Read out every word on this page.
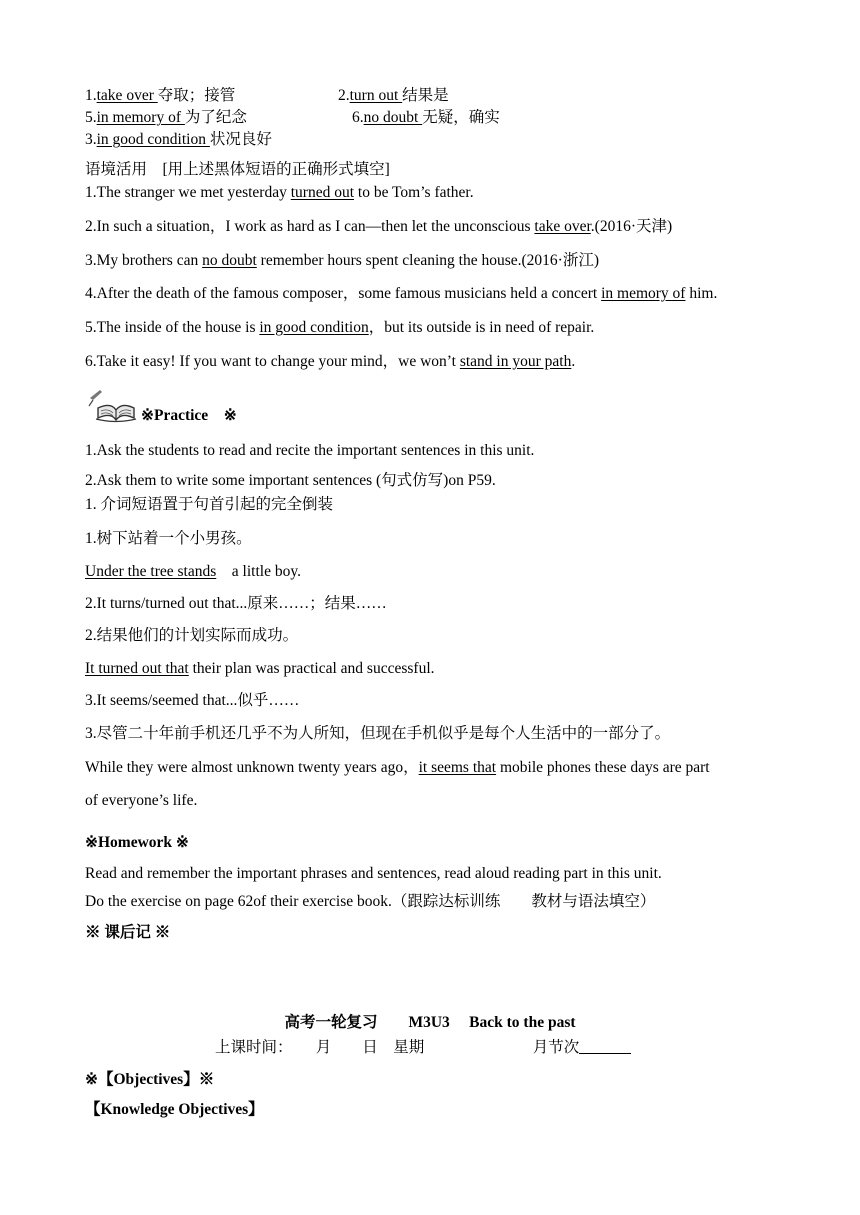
1.take over 夺取；接管	2.turn out 结果是
5.in memory of 为了纪念	6.no doubt 无疑，确实
3.in good condition 状况良好
语境活用　[用上述黑体短语的正确形式填空]
1.The stranger we met yesterday turned out to be Tom’s father.
2.In such a situation，I work as hard as I can—then let the unconscious take over.(2016·天津)
3.My brothers can no doubt remember hours spent cleaning the house.(2016·浙江)
4.After the death of the famous composer，some famous musicians held a concert in memory of him.
5.The inside of the house is in good condition，but its outside is in need of repair.
6.Take it easy! If you want to change your mind，we won’t stand in your path.
※Practice　※
1.Ask the students to read and recite the important sentences in this unit.
2.Ask them to write some important sentences (句式仿写)on P59.
1. 介词短语置于句首引起的完全倒装
1.树下站着一个小男孩。
Under the tree stands　a little boy.
2.It turns/turned out that...原来……；结果……
2.结果他们的计划实际而成功。
It turned out that their plan was practical and successful.
3.It seems/seemed that...似乎……
3.尽管二十年前手机还几乎不为人所知，但现在手机似乎是每个人生活中的一部分了。
While they were almost unknown twenty years ago，it seems that mobile phones these days are part
of everyone’s life.
※Homework ※
Read and remember the important phrases and sentences, read aloud reading part in this unit.
Do the exercise on page 62of their exercise book.（跟踪达标训练　　教材与语法填空）
※ 课后记 ※
高考一轮复习　　M3U3　 Back to the past
上课时间：　　月　　日　星期　　　　　　　月节次
※【Objectives】※
【Knowledge Objectives】
